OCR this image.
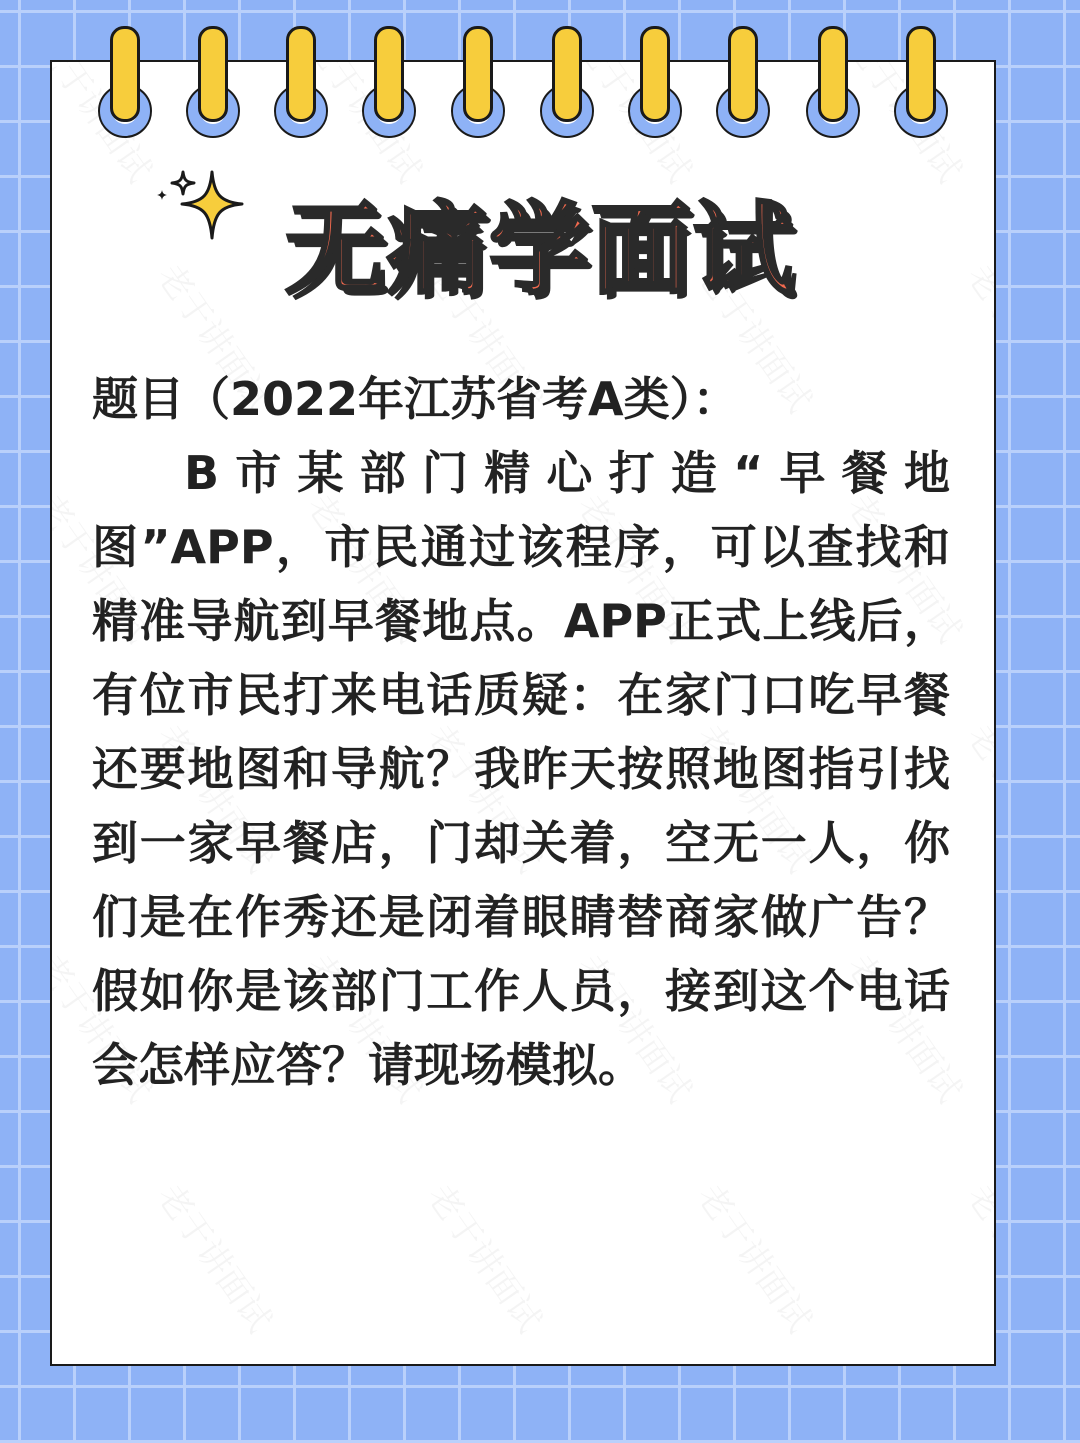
无痛学面试

题目（2022年江苏省考A类）：

B市某部门精心打造“早餐地图”APP，市民通过该程序，可以查找和精准导航到早餐地点。APP正式上线后，有位市民打来电话质疑：在家门口吃早餐还要地图和导航？我昨天按照地图指引找到一家早餐店，门却关着，空无一人，你们是在作秀还是闭着眼睛替商家做广告？假如你是该部门工作人员，接到这个电话会怎样应答？请现场模拟。
